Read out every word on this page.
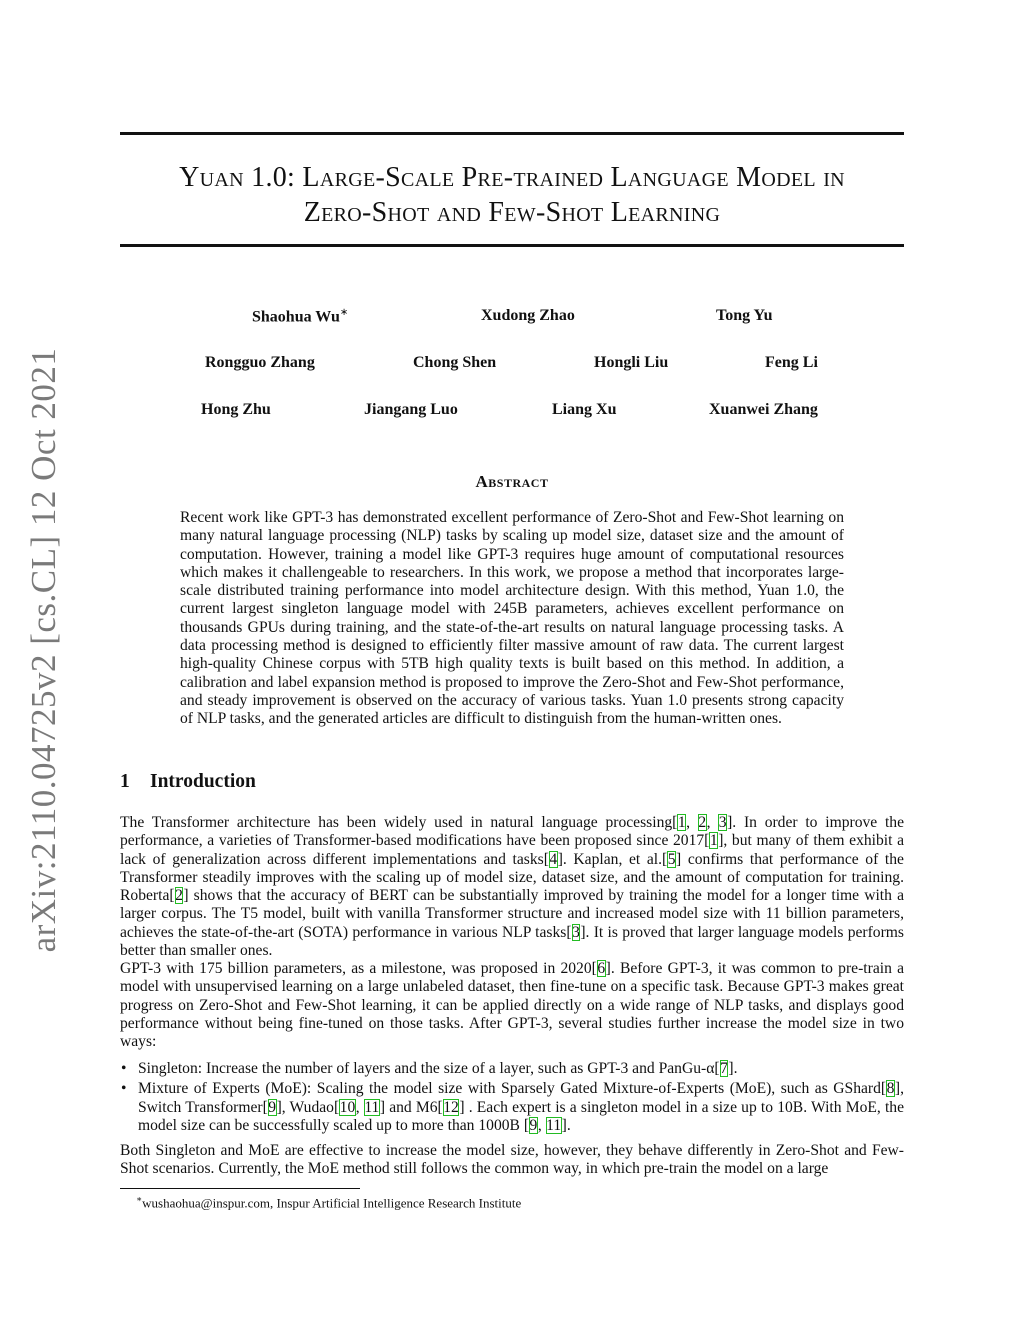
arXiv:2110.04725v2 [cs.CL] 12 Oct 2021
Yuan 1.0: Large-Scale Pre-trained Language Model in
Zero-Shot and Few-Shot Learning
Shaohua Wu∗	Xudong Zhao	Tong Yu
Rongguo Zhang	Chong Shen	Hongli Liu	Feng Li
Hong Zhu	Jiangang Luo	Liang Xu	Xuanwei Zhang
Abstract
Recent work like GPT-3 has demonstrated excellent performance of Zero-Shot and Few-Shot learning on many natural language processing (NLP) tasks by scaling up model size, dataset size and the amount of computation. However, training a model like GPT-3 requires huge amount of computational resources which makes it challengeable to researchers. In this work, we propose a method that incorporates large-scale distributed training performance into model architecture design. With this method, Yuan 1.0, the current largest singleton language model with 245B parameters, achieves excellent performance on thousands GPUs during training, and the state-of-the-art results on natural language processing tasks. A data processing method is designed to efficiently filter massive amount of raw data. The current largest high-quality Chinese corpus with 5TB high quality texts is built based on this method. In addition, a calibration and label expansion method is proposed to improve the Zero-Shot and Few-Shot performance, and steady improvement is observed on the accuracy of various tasks. Yuan 1.0 presents strong capacity of NLP tasks, and the generated articles are difficult to distinguish from the human-written ones.
1 Introduction
The Transformer architecture has been widely used in natural language processing[1, 2, 3]. In order to improve the performance, a varieties of Transformer-based modifications have been proposed since 2017[1], but many of them exhibit a lack of generalization across different implementations and tasks[4]. Kaplan, et al.[5] confirms that performance of the Transformer steadily improves with the scaling up of model size, dataset size, and the amount of computation for training. Roberta[2] shows that the accuracy of BERT can be substantially improved by training the model for a longer time with a larger corpus. The T5 model, built with vanilla Transformer structure and increased model size with 11 billion parameters, achieves the state-of-the-art (SOTA) performance in various NLP tasks[3]. It is proved that larger language models performs better than smaller ones.
GPT-3 with 175 billion parameters, as a milestone, was proposed in 2020[6]. Before GPT-3, it was common to pre-train a model with unsupervised learning on a large unlabeled dataset, then fine-tune on a specific task. Because GPT-3 makes great progress on Zero-Shot and Few-Shot learning, it can be applied directly on a wide range of NLP tasks, and displays good performance without being fine-tuned on those tasks. After GPT-3, several studies further increase the model size in two ways:
• Singleton: Increase the number of layers and the size of a layer, such as GPT-3 and PanGu-α[7].
• Mixture of Experts (MoE): Scaling the model size with Sparsely Gated Mixture-of-Experts (MoE), such as GShard[8], Switch Transformer[9], Wudao[10, 11] and M6[12] . Each expert is a singleton model in a size up to 10B. With MoE, the model size can be successfully scaled up to more than 1000B [9, 11].
Both Singleton and MoE are effective to increase the model size, however, they behave differently in Zero-Shot and Few-Shot scenarios. Currently, the MoE method still follows the common way, in which pre-train the model on a large
∗wushaohua@inspur.com, Inspur Artificial Intelligence Research Institute
